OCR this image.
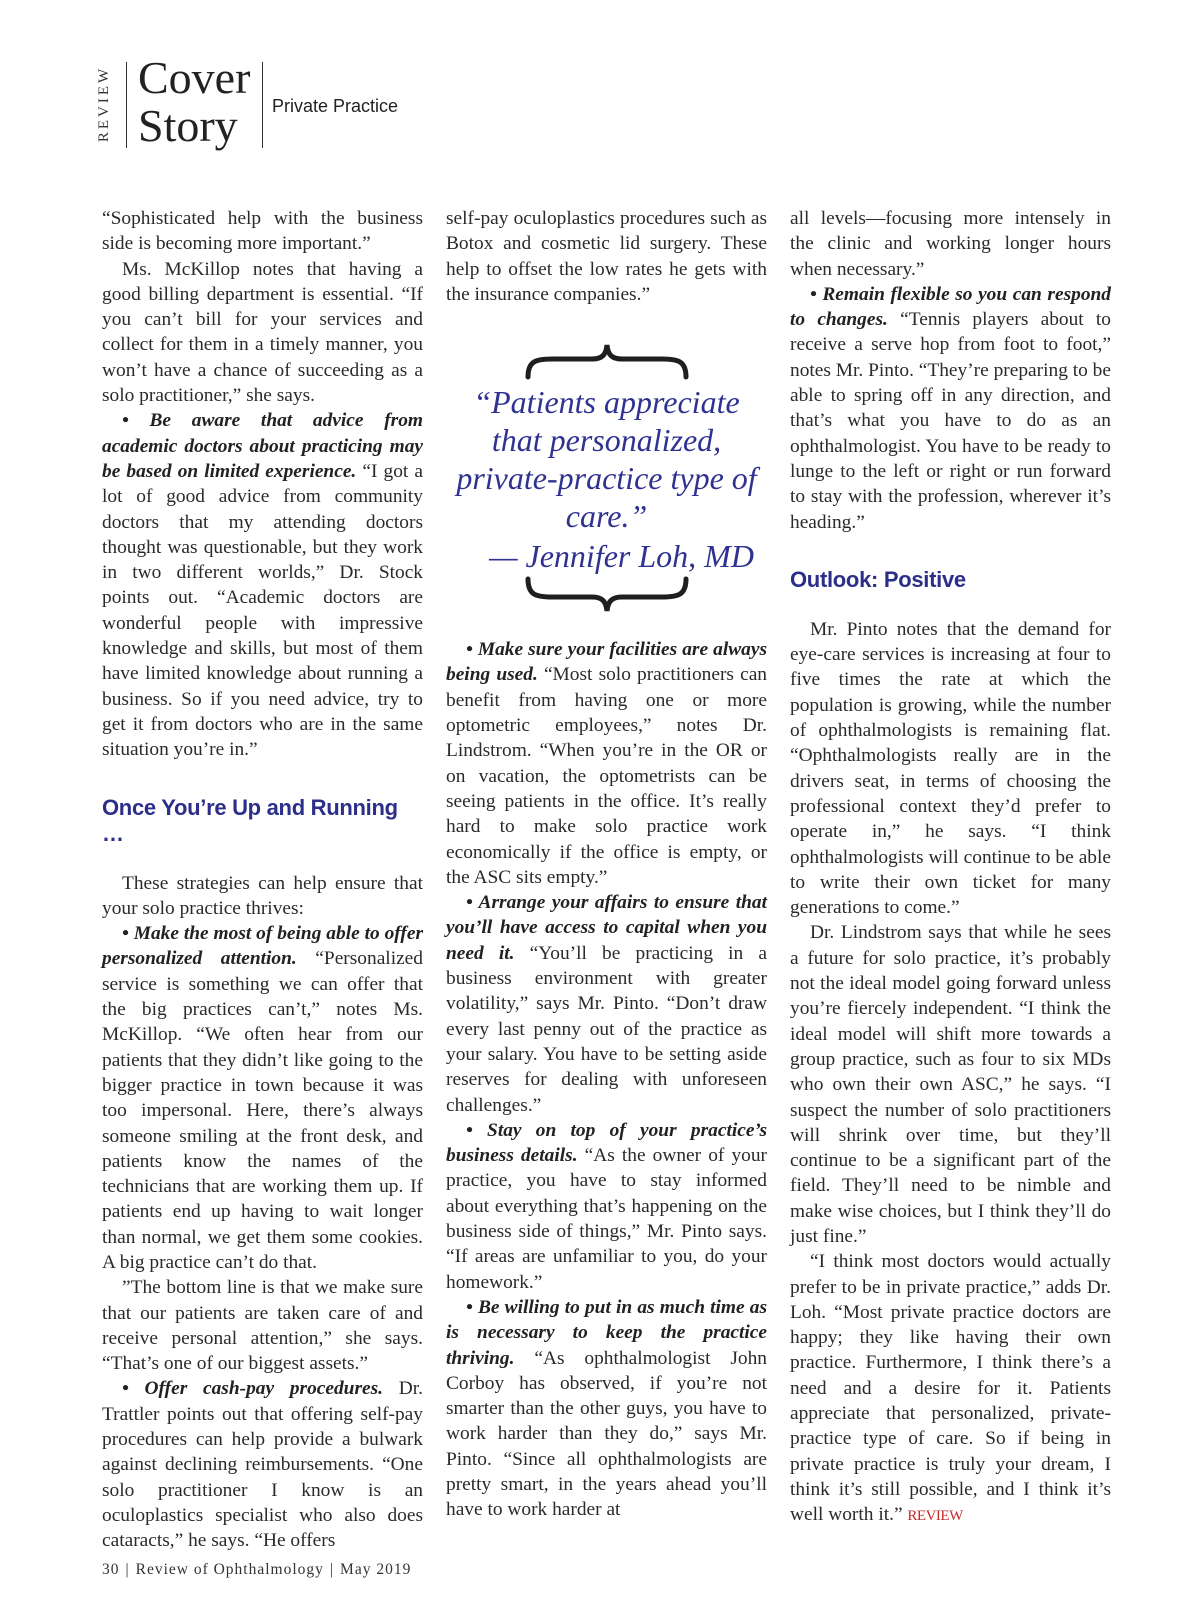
REVIEW Cover
Story	Private Practice

“Sophisticated help with the business side is becoming more important.”

Ms. McKillop notes that having a good billing department is essential. “If you can’t bill for your services and collect for them in a timely manner, you won’t have a chance of succeeding as a solo practitioner,” she says.

• Be aware that advice from academic doctors about practicing may be based on limited experience. “I got a lot of good advice from community doctors that my attending doctors thought was questionable, but they work in two different worlds,” Dr. Stock points out. “Academic doctors are wonderful people with impressive knowledge and skills, but most of them have limited knowledge about running a business. So if you need advice, try to get it from doctors who are in the same situation you’re in.”

Once You’re Up and Running …

These strategies can help ensure that your solo practice thrives:

• Make the most of being able to offer personalized attention. “Personalized service is something we can offer that the big practices can’t,” notes Ms. McKillop. “We often hear from our patients that they didn’t like going to the bigger practice in town because it was too impersonal. Here, there’s always someone smiling at the front desk, and patients know the names of the technicians that are working them up. If patients end up having to wait longer than normal, we get them some cookies. A big practice can’t do that.

”The bottom line is that we make sure that our patients are taken care of and receive personal attention,” she says. “That’s one of our biggest assets.”

• Offer cash-pay procedures. Dr. Trattler points out that offering self-pay procedures can help provide a bulwark against declining reimbursements. “One solo practitioner I know is an oculoplastics specialist who also does cataracts,” he says. “He offers

self-pay oculoplastics procedures such as Botox and cosmetic lid surgery. These help to offset the low rates he gets with the insurance companies.”

“Patients appreciate that personalized, private-practice type of care.”
— Jennifer Loh, MD

• Make sure your facilities are always being used. “Most solo practitioners can benefit from having one or more optometric employees,” notes Dr. Lindstrom. “When you’re in the OR or on vacation, the optometrists can be seeing patients in the office. It’s really hard to make solo practice work economically if the office is empty, or the ASC sits empty.”

• Arrange your affairs to ensure that you’ll have access to capital when you need it. “You’ll be practicing in a business environment with greater volatility,” says Mr. Pinto. “Don’t draw every last penny out of the practice as your salary. You have to be setting aside reserves for dealing with unforeseen challenges.”

• Stay on top of your practice’s business details. “As the owner of your practice, you have to stay informed about everything that’s happening on the business side of things,” Mr. Pinto says. “If areas are unfamiliar to you, do your homework.”

• Be willing to put in as much time as is necessary to keep the practice thriving. “As ophthalmologist John Corboy has observed, if you’re not smarter than the other guys, you have to work harder than they do,” says Mr. Pinto. “Since all ophthalmologists are pretty smart, in the years ahead you’ll have to work harder at

all levels—focusing more intensely in the clinic and working longer hours when necessary.”

• Remain flexible so you can respond to changes. “Tennis players about to receive a serve hop from foot to foot,” notes Mr. Pinto. “They’re preparing to be able to spring off in any direction, and that’s what you have to do as an ophthalmologist. You have to be ready to lunge to the left or right or run forward to stay with the profession, wherever it’s heading.”

Outlook: Positive

Mr. Pinto notes that the demand for eye-care services is increasing at four to five times the rate at which the population is growing, while the number of ophthalmologists is remaining flat. “Ophthalmologists really are in the drivers seat, in terms of choosing the professional context they’d prefer to operate in,” he says. “I think ophthalmologists will continue to be able to write their own ticket for many generations to come.”

Dr. Lindstrom says that while he sees a future for solo practice, it’s probably not the ideal model going forward unless you’re fiercely independent. “I think the ideal model will shift more towards a group practice, such as four to six MDs who own their own ASC,” he says. “I suspect the number of solo practitioners will shrink over time, but they’ll continue to be a significant part of the field. They’ll need to be nimble and make wise choices, but I think they’ll do just fine.”

“I think most doctors would actually prefer to be in private practice,” adds Dr. Loh. “Most private practice doctors are happy; they like having their own practice. Furthermore, I think there’s a need and a desire for it. Patients appreciate that personalized, private-practice type of care. So if being in private practice is truly your dream, I think it’s still possible, and I think it’s well worth it.” REVIEW

30 | Review of Ophthalmology | May 2019
